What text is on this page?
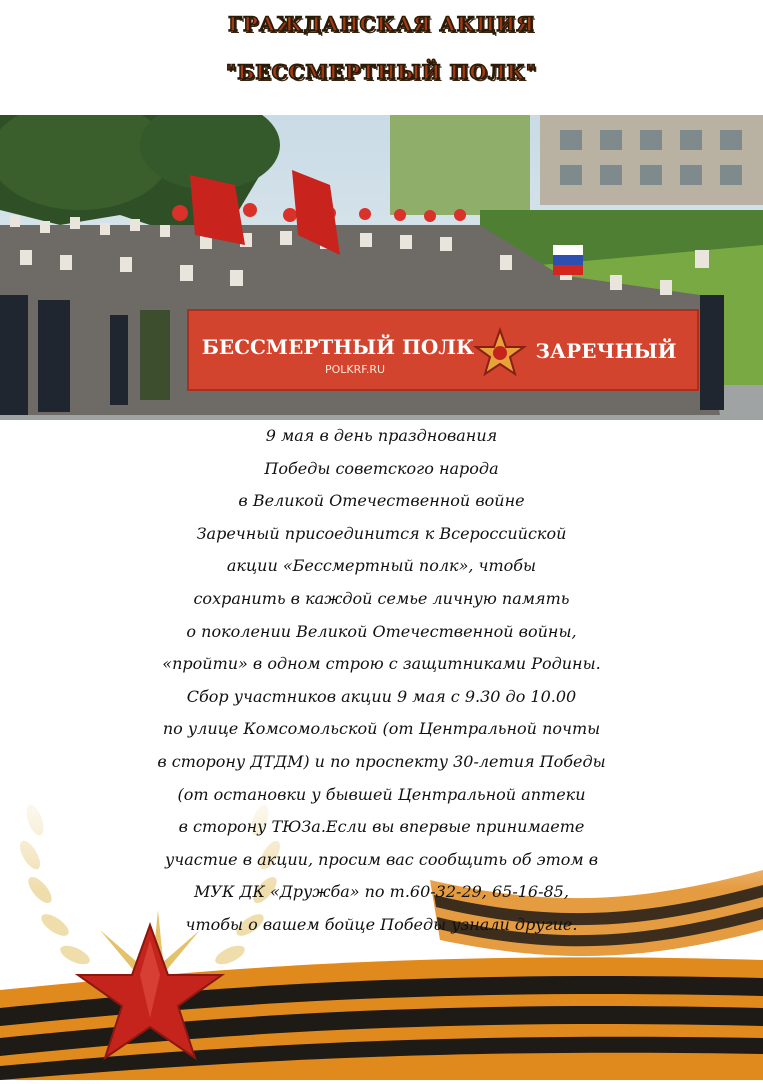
ГРАЖДАНСКАЯ АКЦИЯ
"БЕССМЕРТНЫЙ ПОЛК"
БЕССМЕРТНЫЙ ПОЛК
POLKRF.RU
ЗАРЕЧНЫЙ
9 мая в день празднования
Победы советского народа
в Великой Отечественной войне
Заречный присоединится к Всероссийской
акции «Бессмертный полк», чтобы
сохранить в каждой семье личную память
о поколении Великой Отечественной войны,
«пройти» в одном строю с защитниками Родины.
Сбор участников акции 9 мая с 9.30 до 10.00
по улице Комсомольской (от Центральной почты
в сторону ДТДМ) и по проспекту 30-летия Победы
(от остановки у бывшей Центральной аптеки
в сторону ТЮЗа.Если вы впервые принимаете
участие в акции, просим вас сообщить об этом в
МУК ДК «Дружба» по т.60-32-29, 65-16-85,
чтобы о вашем бойце Победы узнали другие.
